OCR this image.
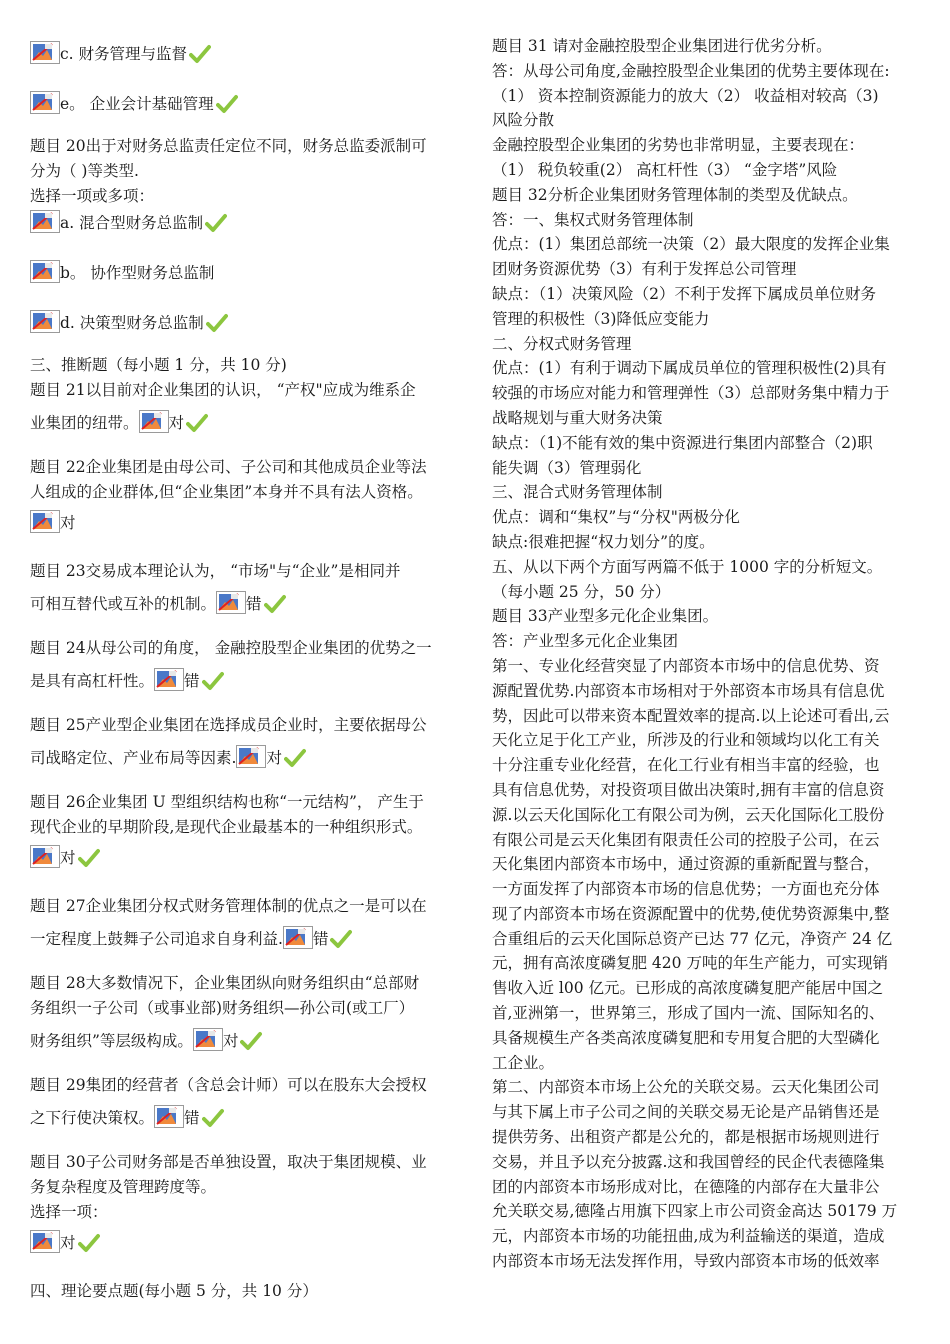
c. 财务管理与监督
e。 企业会计基础管理

题目 20出于对财务总监责任定位不同，财务总监委派制可

分为（ )等类型.

选择一项或多项：

a. 混合型财务总监制
b。 协作型财务总监制
d. 决策型财务总监制

三、推断题（每小题 1 分，共 10 分)

题目 21以目前对企业集团的认识， “产权"应成为维系企

业集团的纽带。 对

题目 22企业集团是由母公司、子公司和其他成员企业等法

人组成的企业群体,但“企业集团”本身并不具有法人资格。

对

题目 23交易成本理论认为， “市场"与“企业”是相同并

可相互替代或互补的机制。 错

题目 24从母公司的角度， 金融控股型企业集团的优势之一

是具有高杠杆性。 错

题目 25产业型企业集团在选择成员企业时，主要依据母公

司战略定位、产业布局等因素. 对

题目 26企业集团 U 型组织结构也称“一元结构”， 产生于

现代企业的早期阶段,是现代企业最基本的一种组织形式。

对

题目 27企业集团分权式财务管理体制的优点之一是可以在

一定程度上鼓舞子公司追求自身利益. 错

题目 28大多数情况下，企业集团纵向财务组织由“总部财

务组织一子公司（或事业部)财务组织—孙公司(或工厂）

财务组织”等层级构成。 对

题目 29集团的经营者（含总会计师）可以在股东大会授权

之下行使决策权。 错

题目 30子公司财务部是否单独设置，取决于集团规模、业

务复杂程度及管理跨度等。

选择一项：

对

四、理论要点题(每小题 5 分，共 10 分）

题目 31 请对金融控股型企业集团进行优劣分析。

答：从母公司角度,金融控股型企业集团的优势主要体现在:

（1） 资本控制资源能力的放大（2） 收益相对较高（3)

风险分散

金融控股型企业集团的劣势也非常明显，主要表现在：

（1） 税负较重(2） 高杠杆性（3） “金字塔”风险

题目 32分析企业集团财务管理体制的类型及优缺点。

答：一、集权式财务管理体制

优点：(1）集团总部统一决策（2）最大限度的发挥企业集

团财务资源优势（3）有利于发挥总公司管理

缺点：（1）决策风险（2）不利于发挥下属成员单位财务

管理的积极性（3)降低应变能力

二、分权式财务管理

优点：(1）有利于调动下属成员单位的管理积极性(2)具有

较强的市场应对能力和管理弹性（3）总部财务集中精力于

战略规划与重大财务决策

缺点：（1)不能有效的集中资源进行集团内部整合（2)职

能失调（3）管理弱化

三、混合式财务管理体制

优点：调和“集权”与“分权"两极分化

缺点:很难把握“权力划分”的度。

五、从以下两个方面写两篇不低于 1000 字的分析短文。

（每小题 25 分，50 分）

题目 33产业型多元化企业集团。

答：产业型多元化企业集团

第一、专业化经营突显了内部资本市场中的信息优势、资

源配置优势.内部资本市场相对于外部资本市场具有信息优

势，因此可以带来资本配置效率的提高.以上论述可看出,云

天化立足于化工产业，所涉及的行业和领域均以化工有关

十分注重专业化经营，在化工行业有相当丰富的经验，也

具有信息优势，对投资项目做出决策时,拥有丰富的信息资

源.以云天化国际化工有限公司为例，云天化国际化工股份

有限公司是云天化集团有限责任公司的控股子公司，在云

天化集团内部资本市场中，通过资源的重新配置与整合，

一方面发挥了内部资本市场的信息优势；一方面也充分体

现了内部资本市场在资源配置中的优势,使优势资源集中,整

合重组后的云天化国际总资产已达 77 亿元，净资产 24 亿

元，拥有高浓度磷复肥 420 万吨的年生产能力，可实现销

售收入近 l00 亿元。已形成的高浓度磷复肥产能居中国之

首,亚洲第一，世界第三，形成了国内一流、国际知名的、

具备规模生产各类高浓度磷复肥和专用复合肥的大型磷化

工企业。

第二、内部资本市场上公允的关联交易。云天化集团公司

与其下属上市子公司之间的关联交易无论是产品销售还是

提供劳务、出租资产都是公允的，都是根据市场规则进行

交易，并且予以充分披露.这和我国曾经的民企代表德隆集

团的内部资本市场形成对比，在德隆的内部存在大量非公

允关联交易,德隆占用旗下四家上市公司资金高达 50179 万

元，内部资本市场的功能扭曲,成为利益输送的渠道，造成

内部资本市场无法发挥作用，导致内部资本市场的低效率
